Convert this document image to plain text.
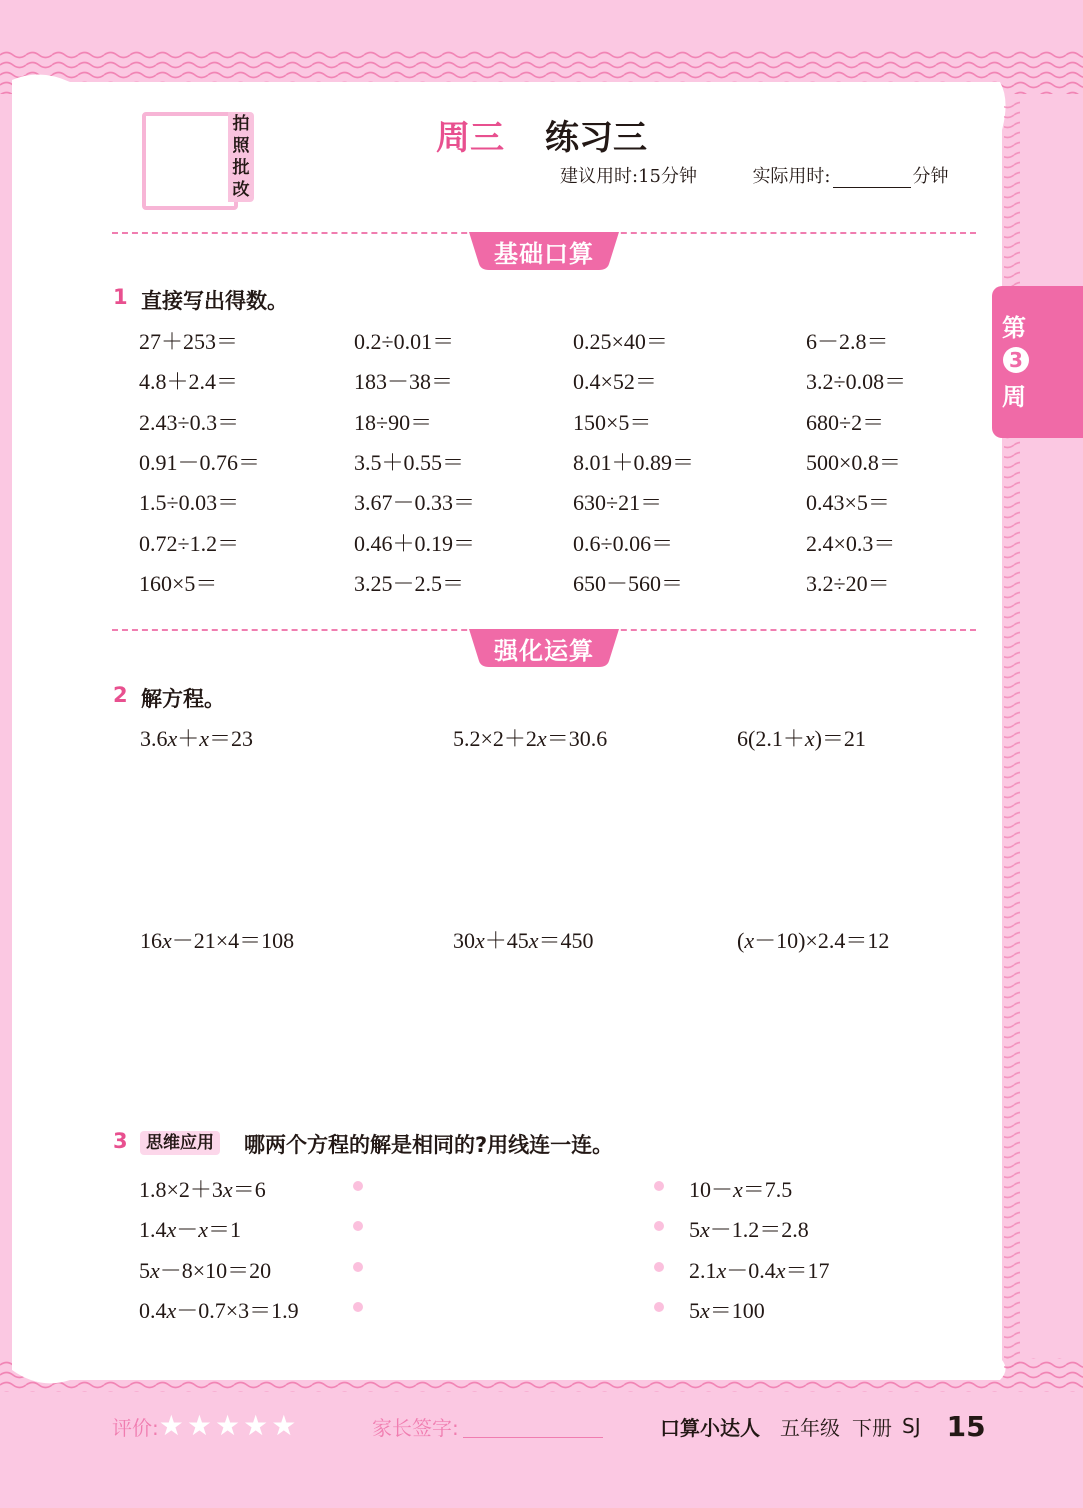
拍
照
批
改
周三 练习三
建议用时:15分钟	实际用时:	分钟
基础口算
第
3
周
1 直接写出得数。
27＋253＝	0.2÷0.01＝	0.25×40＝	6－2.8＝
4.8＋2.4＝	183－38＝	0.4×52＝	3.2÷0.08＝
2.43÷0.3＝	18÷90＝	150×5＝	680÷2＝
0.91－0.76＝	3.5＋0.55＝	8.01＋0.89＝	500×0.8＝
1.5÷0.03＝	3.67－0.33＝	630÷21＝	0.43×5＝
0.72÷1.2＝	0.46＋0.19＝	0.6÷0.06＝	2.4×0.3＝
160×5＝	3.25－2.5＝	650－560＝	3.2÷20＝
强化运算
2 解方程。
3.6x＋x＝23	5.2×2＋2x＝30.6	6(2.1＋x)＝21
16x－21×4＝108	30x＋45x＝450	(x－10)×2.4＝12
3	思维应用 哪两个方程的解是相同的?用线连一连。
1.8×2＋3x＝6	10－x＝7.5
1.4x－x＝1	5x－1.2＝2.8
5x－8×10＝20	2.1x－0.4x＝17
0.4x－0.7×3＝1.9	5x＝100
评价: ★ ★ ★ ★ ★	家长签字:	口算小达人 五年级 下册 SJ 15
